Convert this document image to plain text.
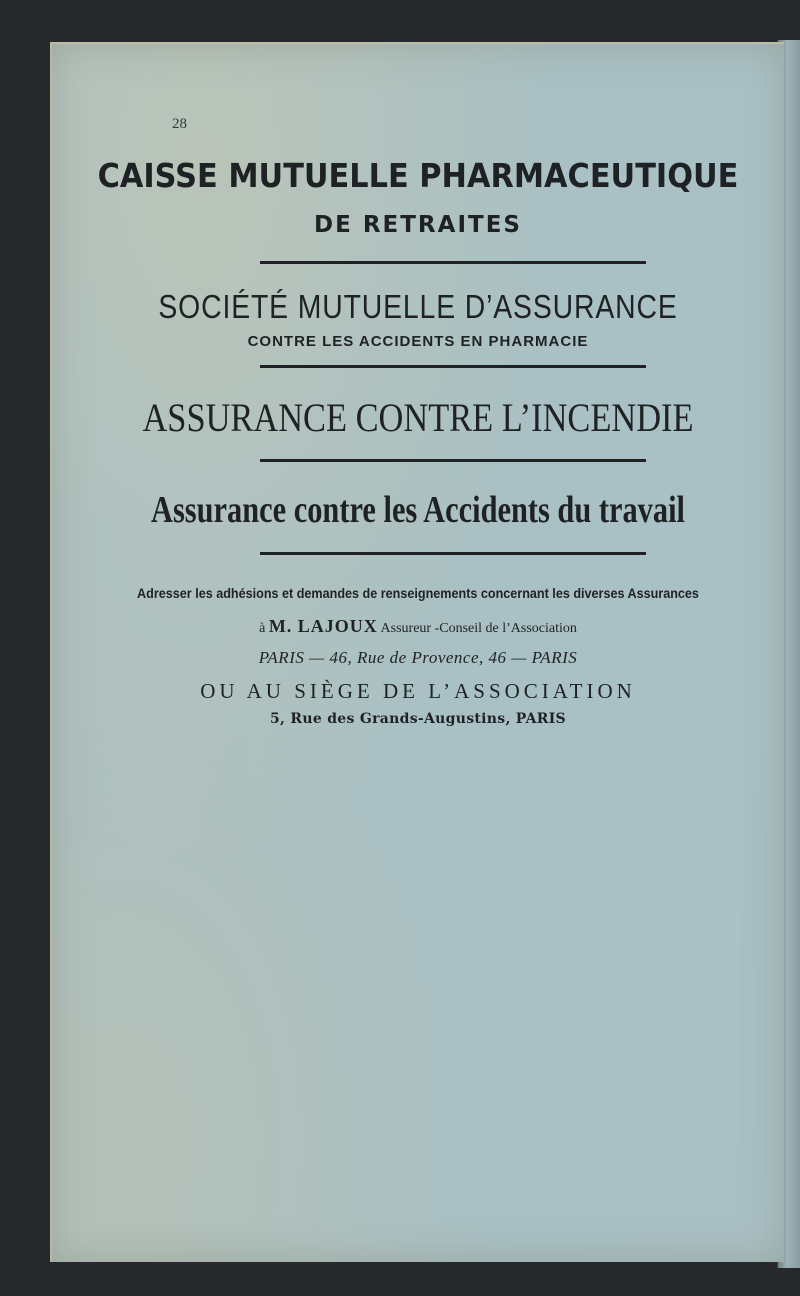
28
CAISSE MUTUELLE PHARMACEUTIQUE
DE RETRAITES
SOCIÉTÉ MUTUELLE D’ASSURANCE
CONTRE LES ACCIDENTS EN PHARMACIE
ASSURANCE CONTRE L’INCENDIE
Assurance contre les Accidents du travail
Adresser les adhésions et demandes de renseignements concernant les diverses Assurances
à M. LAJOUX Assureur -Conseil de l’Association
PARIS — 46, Rue de Provence, 46 — PARIS
OU AU SIÈGE DE L’ASSOCIATION
5, Rue des Grands-Augustins, PARIS
